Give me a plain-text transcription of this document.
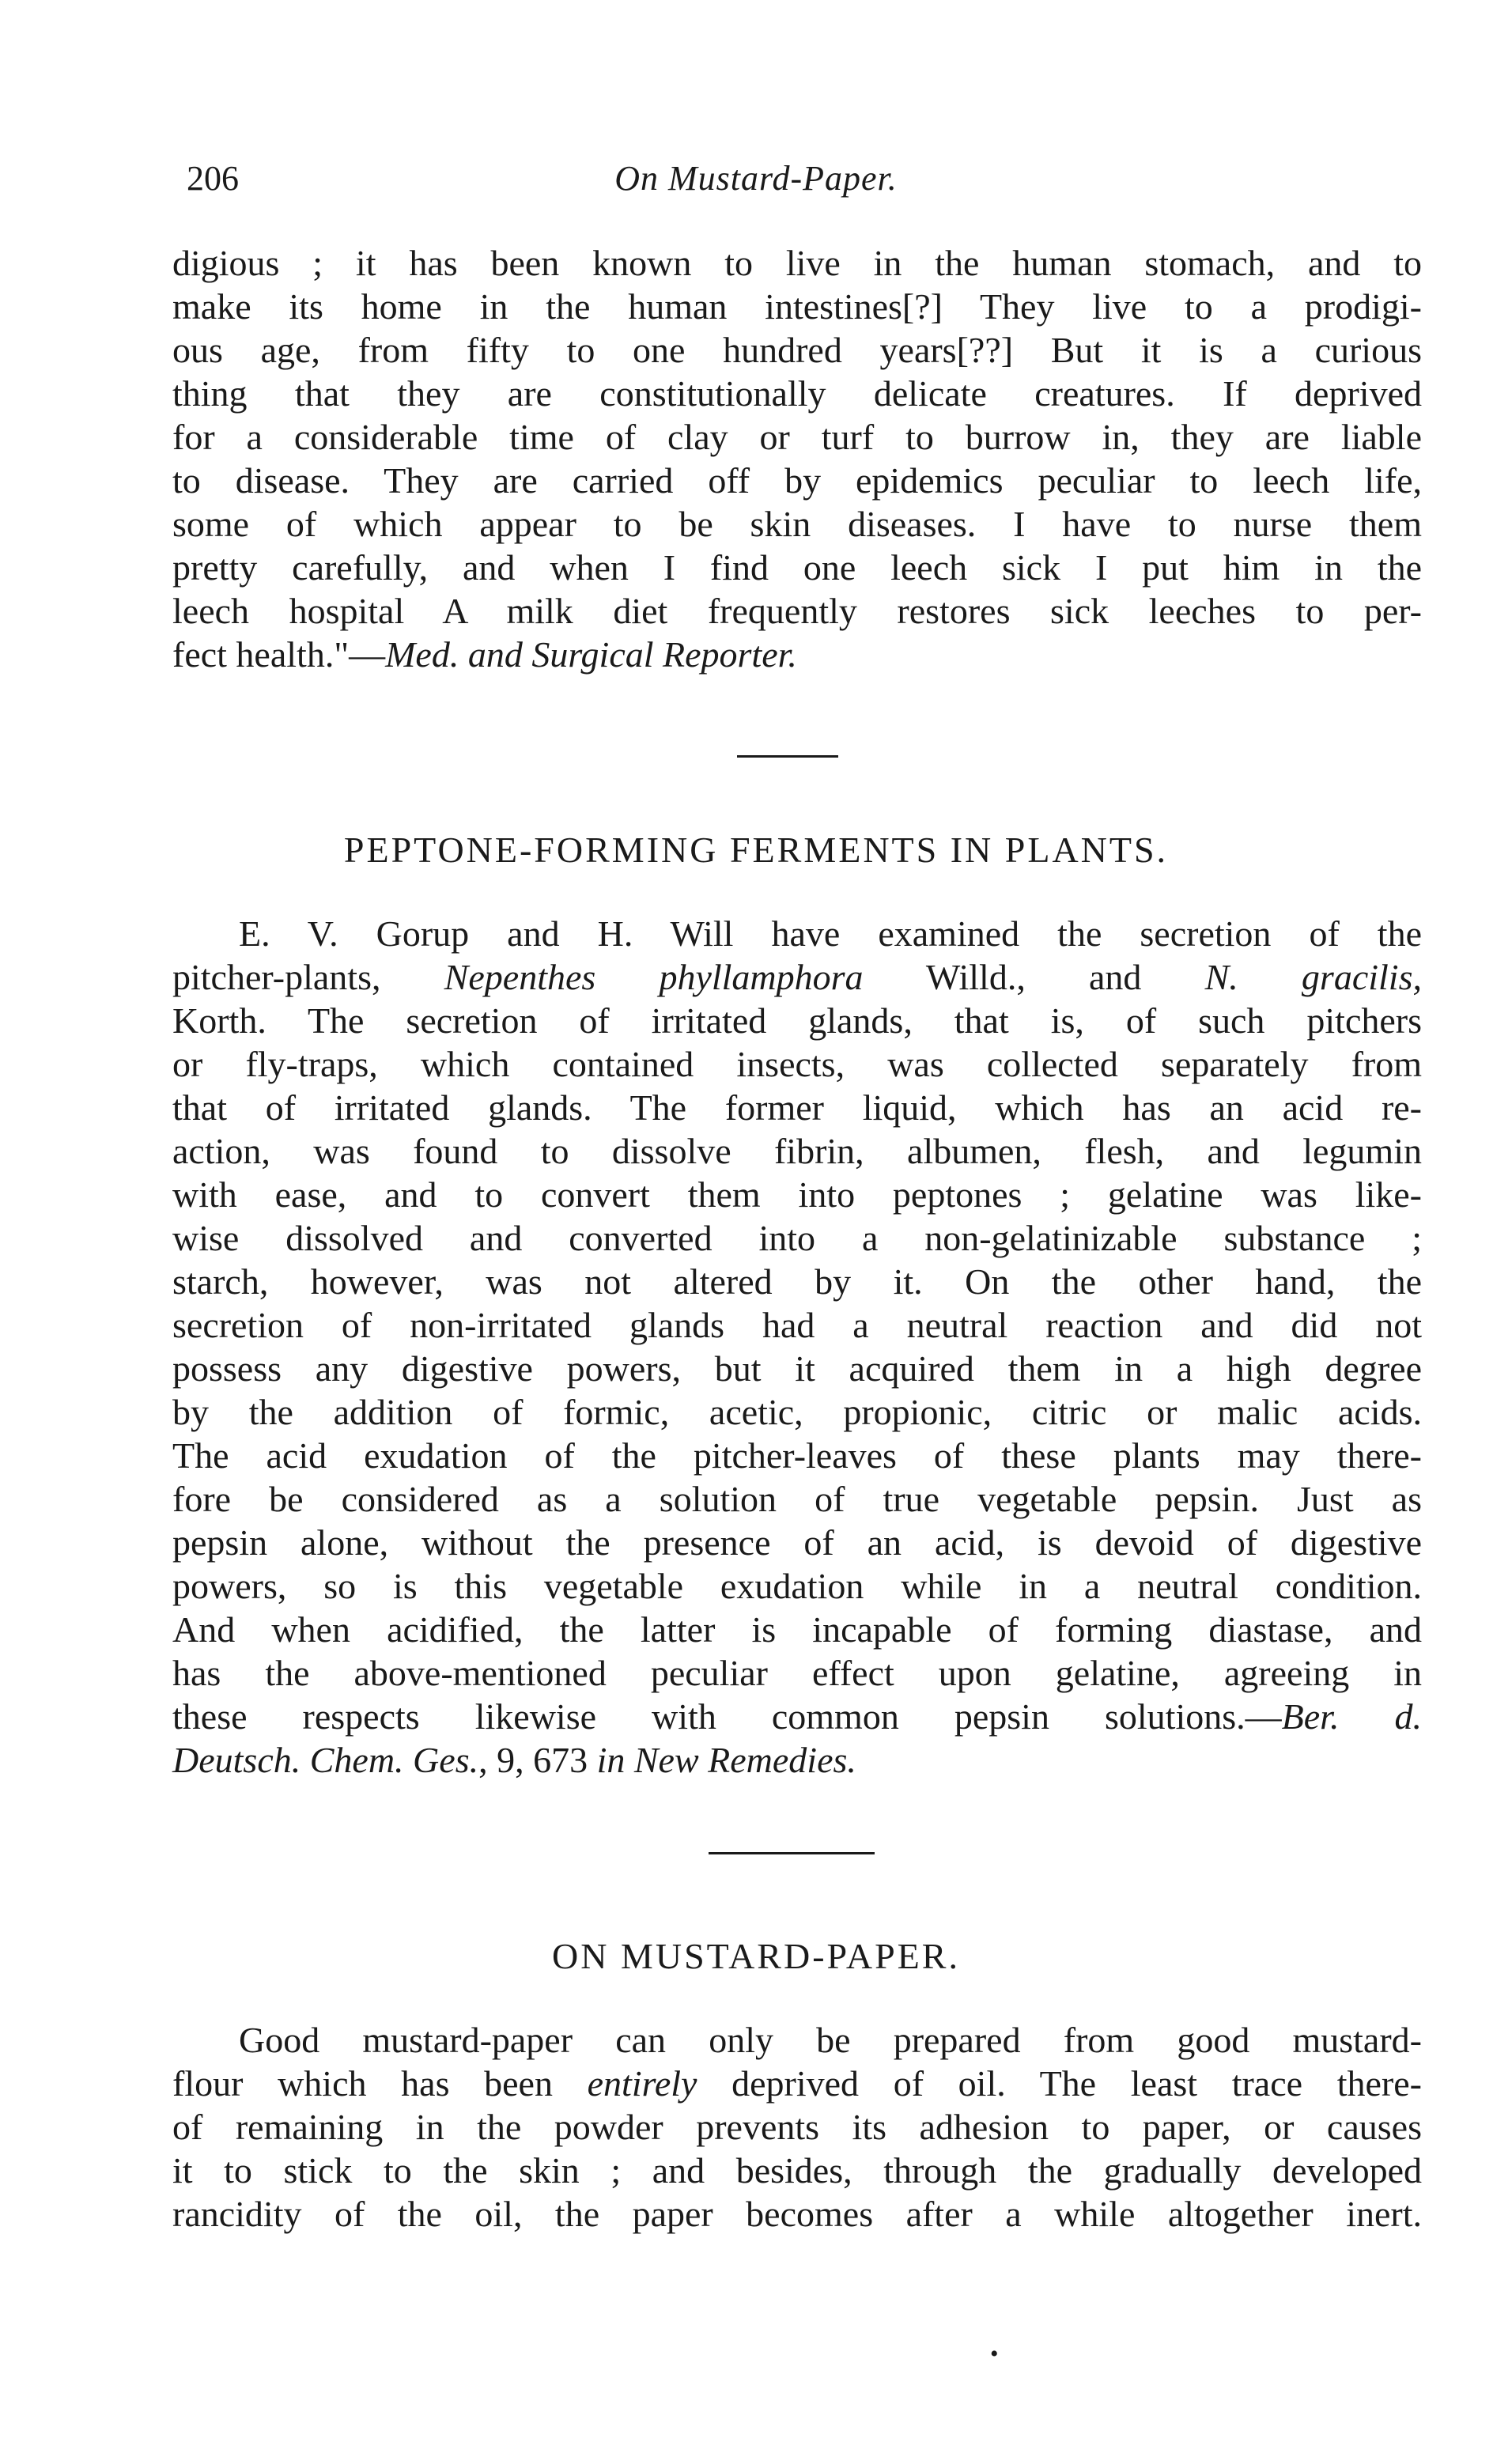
206	On Mustard-Paper.
digious ; it has been known to live in the human stomach, and to
make its home in the human intestines[?] They live to a prodigi-
ous age, from fifty to one hundred years[??] But it is a curious
thing that they are constitutionally delicate creatures. If deprived
for a considerable time of clay or turf to burrow in, they are liable
to disease. They are carried off by epidemics peculiar to leech life,
some of which appear to be skin diseases. I have to nurse them
pretty carefully, and when I find one leech sick I put him in the
leech hospital A milk diet frequently restores sick leeches to per-
fect health."—Med. and Surgical Reporter.
PEPTONE-FORMING FERMENTS IN PLANTS.
E. V. Gorup and H. Will have examined the secretion of the
pitcher-plants, Nepenthes phyllamphora Willd., and N. gracilis,
Korth. The secretion of irritated glands, that is, of such pitchers
or fly-traps, which contained insects, was collected separately from
that of irritated glands. The former liquid, which has an acid re-
action, was found to dissolve fibrin, albumen, flesh, and legumin
with ease, and to convert them into peptones ; gelatine was like-
wise dissolved and converted into a non-gelatinizable substance ;
starch, however, was not altered by it. On the other hand, the
secretion of non-irritated glands had a neutral reaction and did not
possess any digestive powers, but it acquired them in a high degree
by the addition of formic, acetic, propionic, citric or malic acids.
The acid exudation of the pitcher-leaves of these plants may there-
fore be considered as a solution of true vegetable pepsin. Just as
pepsin alone, without the presence of an acid, is devoid of digestive
powers, so is this vegetable exudation while in a neutral condition.
And when acidified, the latter is incapable of forming diastase, and
has the above-mentioned peculiar effect upon gelatine, agreeing in
these respects likewise with common pepsin solutions.—Ber. d.
Deutsch. Chem. Ges., 9, 673 in New Remedies.
ON MUSTARD-PAPER.
Good mustard-paper can only be prepared from good mustard-
flour which has been entirely deprived of oil. The least trace there-
of remaining in the powder prevents its adhesion to paper, or causes
it to stick to the skin ; and besides, through the gradually developed
rancidity of the oil, the paper becomes after a while altogether inert.
•
